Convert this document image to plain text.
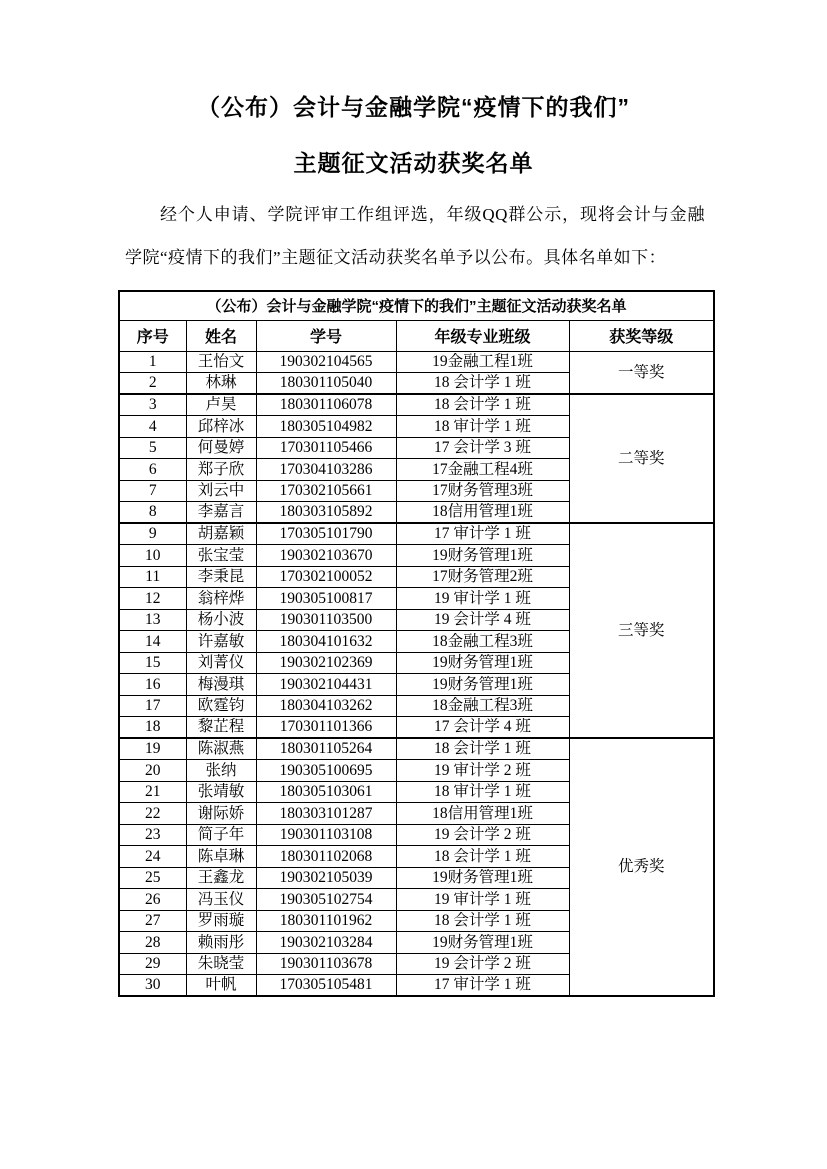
（公布）会计与金融学院“疫情下的我们”
主题征文活动获奖名单

经个人申请、学院评审工作组评选，年级QQ群公示，现将会计与金融学院“疫情下的我们”主题征文活动获奖名单予以公布。具体名单如下：

（公布）会计与金融学院“疫情下的我们”主题征文活动获奖名单				
序号	姓名	学号	年级专业班级	获奖等级
1	王怡文	190302104565	19金融工程1班	一等奖
2	林琳	180301105040	18 会计学 1 班	
3	卢昊	180301106078	18 会计学 1 班	二等奖
4	邱梓冰	180305104982	18 审计学 1 班	
5	何曼婷	170301105466	17 会计学 3 班	
6	郑子欣	170304103286	17金融工程4班	
7	刘云中	170302105661	17财务管理3班	
8	李嘉言	180303105892	18信用管理1班	
9	胡嘉颖	170305101790	17 审计学 1 班	三等奖
10	张宝莹	190302103670	19财务管理1班	
11	李秉昆	170302100052	17财务管理2班	
12	翁梓烨	190305100817	19 审计学 1 班	
13	杨小波	190301103500	19 会计学 4 班	
14	许嘉敏	180304101632	18金融工程3班	
15	刘菁仪	190302102369	19财务管理1班	
16	梅漫琪	190302104431	19财务管理1班	
17	欧霆钧	180304103262	18金融工程3班	
18	黎芷程	170301101366	17 会计学 4 班	
19	陈淑燕	180301105264	18 会计学 1 班	优秀奖
20	张纳	190305100695	19 审计学 2 班	
21	张靖敏	180305103061	18 审计学 1 班	
22	谢际娇	180303101287	18信用管理1班	
23	简子年	190301103108	19 会计学 2 班	
24	陈卓琳	180301102068	18 会计学 1 班	
25	王鑫龙	190302105039	19财务管理1班	
26	冯玉仪	190305102754	19 审计学 1 班	
27	罗雨璇	180301101962	18 会计学 1 班	
28	赖雨彤	190302103284	19财务管理1班	
29	朱晓莹	190301103678	19 会计学 2 班	
30	叶帆	170305105481	17 审计学 1 班	
